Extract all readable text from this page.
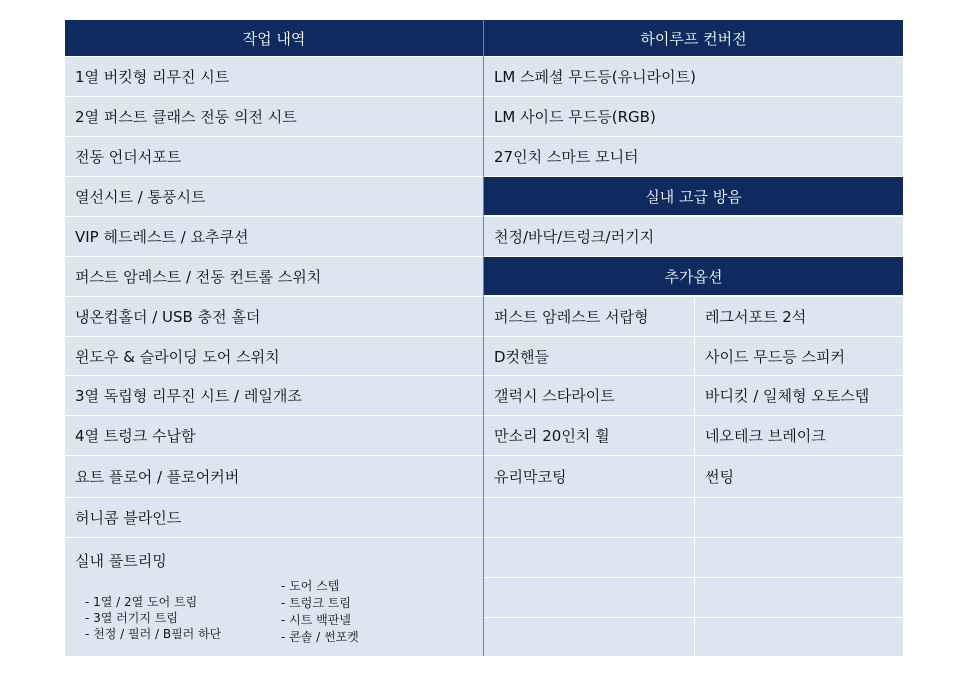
작업 내역
1열 버킷형 리무진 시트
2열 퍼스트 클래스 전동 의전 시트
전동 언더서포트
열선시트 / 통풍시트
VIP 헤드레스트 / 요추쿠션
퍼스트 암레스트 / 전동 컨트롤 스위치
냉온컵홀더 / USB 충전 홀더
윈도우 & 슬라이딩 도어 스위치
3열 독립형 리무진 시트 / 레일개조
4열 트렁크 수납함
요트 플로어 / 플로어커버
허니콤 블라인드
실내 풀트리밍
- 1열 / 2열 도어 트림
- 3열 러기지 트림
- 천정 / 필러 / B필러 하단
- 도어 스텝
- 트렁크 트림
- 시트 백판넬
- 콘솔 / 썬포켓
하이루프 컨버전
LM 스페셜 무드등(유니라이트)
LM 사이드 무드등(RGB)
27인치 스마트 모니터
실내 고급 방음
천정/바닥/트렁크/러기지
추가옵션
퍼스트 암레스트 서랍형	레그서포트 2석
D컷핸들	사이드 무드등 스피커
갤럭시 스타라이트	바디킷 / 일체형 오토스텝
만소리 20인치 휠	네오테크 브레이크
유리막코팅	썬팅
